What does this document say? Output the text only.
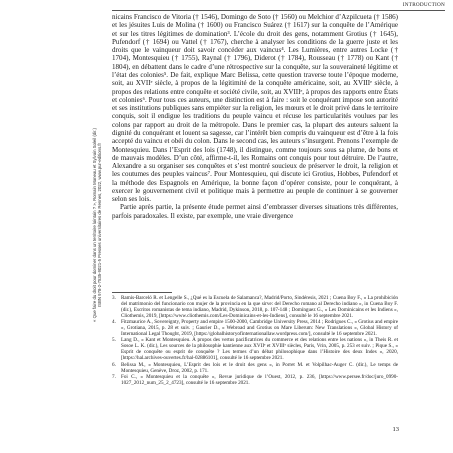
INTRODUCTION
« Que faire du droit pour dominer dans un territoire lointain ? », Romain Maneau et Sylvain Soleil (dir.) ISBN 978-2-7535-9021-5 Presses universitaires de Rennes, 2022, www.pur-editions.fr

nicains Francisco de Vitoria († 1546), Domingo de Soto († 1560) ou Melchior d’Azpilcueta († 1586) et les jésuites Luis de Molina († 1600) ou Francisco Suárez († 1617) sur la conquête de l’Amérique et sur les titres légitimes de domination³. L’école du droit des gens, notamment Grotius († 1645), Pufendorf († 1694) ou Vattel († 1767), cherche à analyser les conditions de la guerre juste et les droits que le vainqueur doit savoir concéder aux vaincus⁴. Les Lumières, entre autres Locke († 1704), Montesquieu († 1755), Raynal († 1796), Diderot († 1784), Rousseau († 1778) ou Kant († 1804), en débattent dans le cadre d’une rétrospective sur la conquête, sur la souveraineté légitime et l’état des colonies⁵. De fait, explique Marc Belissa, cette question traverse toute l’époque moderne, soit, au XVIIᵉ siècle, à propos de la légitimité de la conquête américaine, soit, au XVIIIᵉ siècle, à propos des relations entre conquête et société civile, soit, au XVIIIᵉ, à propos des rapports entre États et colonies⁶. Pour tous ces auteurs, une distinction est à faire : soit le conquérant impose son autorité et ses institutions publiques sans empiéter sur la religion, les mœurs et le droit privé dans le territoire conquis, soit il endigue les traditions du peuple vaincu et récuse les particularités voulues par les colons par rapport au droit de la métropole. Dans le premier cas, la plupart des auteurs saluent la dignité du conquérant et louent sa sagesse, car l’intérêt bien compris du vainqueur est d’être à la fois accepté du vaincu et obéi du colon. Dans le second cas, les auteurs s’insurgent. Prenons l’exemple de Montesquieu. Dans l’Esprit des lois (1748), il distingue, comme toujours sous sa plume, de bons et de mauvais modèles. D’un côté, affirme-t-il, les Romains ont conquis pour tout détruire. De l’autre, Alexandre a su organiser ses conquêtes et s’est montré soucieux de préserver le droit, la religion et les coutumes des peuples vaincus⁷. Pour Montesquieu, qui discute ici Grotius, Hobbes, Pufendorf et la méthode des Espagnols en Amérique, la bonne façon d’opérer consiste, pour le conquérant, à exercer le gouvernement civil et politique mais à permettre au peuple de continuer à se gouverner selon ses lois.

Partie après partie, la présente étude permet ainsi d’embrasser diverses situations très différentes, parfois paradoxales. Il existe, par exemple, une vraie divergence

3. Ramis-Barceló R. et Lengelle S., ¿Qué es la Escuela de Salamanca?, Madrid/Porto, Sindéresis, 2021 ; Cuena Boy F., « La prohibición del matrimonio del funcionario con mujer de la provincia en la que sirve: del Derecho romano al Derecho indiano », in Cuena Boy F. (dir.), Escritos romanistas de tema indiano, Madrid, Dykinson, 2018, p. 107-148 ; Domínguez G., « Les Dominicains et les Indiens », Cliothemis, 2019, [https://www.cliothemis.com/Les-Dominicains-et-les-Indiens], consulté le 16 septembre 2021.
4. Fitzmaurice A., Sovereignty, Property and empire 1500-2000, Cambridge University Press, 2014 ; Rodrigues C., « Grotius and empire », Grotiana, 2015, p. 28 et suiv. ; Gaurier D., « Webroad and Grotius on Mare Liberum: New Translations », Global History of International Legal Thought, 2019, [https://globalhistoryofinternationallaw.wordpress.com/], consulté le 16 septembre 2021.
5. Lang D., « Kant et Montesquieu. À propos des vertus pacificatrices du commerce et des relations entre les nations », in Theis R. et Sosoe L. K. (dir.), Les sources de la philosophie kantienne aux XVIIᵉ et XVIIIᵉ siècles, Paris, Vrin, 2005, p. 253 et suiv. ; Pique S., « Esprit de conquête ou esprit de conquête ? Les termes d’un débat philosophique dans l’Histoire des deux Indes », 2020, [https://hal.archives-ouvertes.fr/hal-02886101], consulté le 16 septembre 2021.
6. Belissa M., « Montesquieu, L’Esprit des lois et le droit des gens », in Porret M. et Volpilhac-Auger C. (dir.), Le temps de Montesquieu, Genève, Droz, 2002, p. 171.
7. Foi C., « Montesquieu et la conquête », Revue juridique de l’Ouest, 2012, p. 236, [https://www.persee.fr/doc/juro_0990-1027_2012_num_25_2_4723], consulté le 16 septembre 2021.
13
